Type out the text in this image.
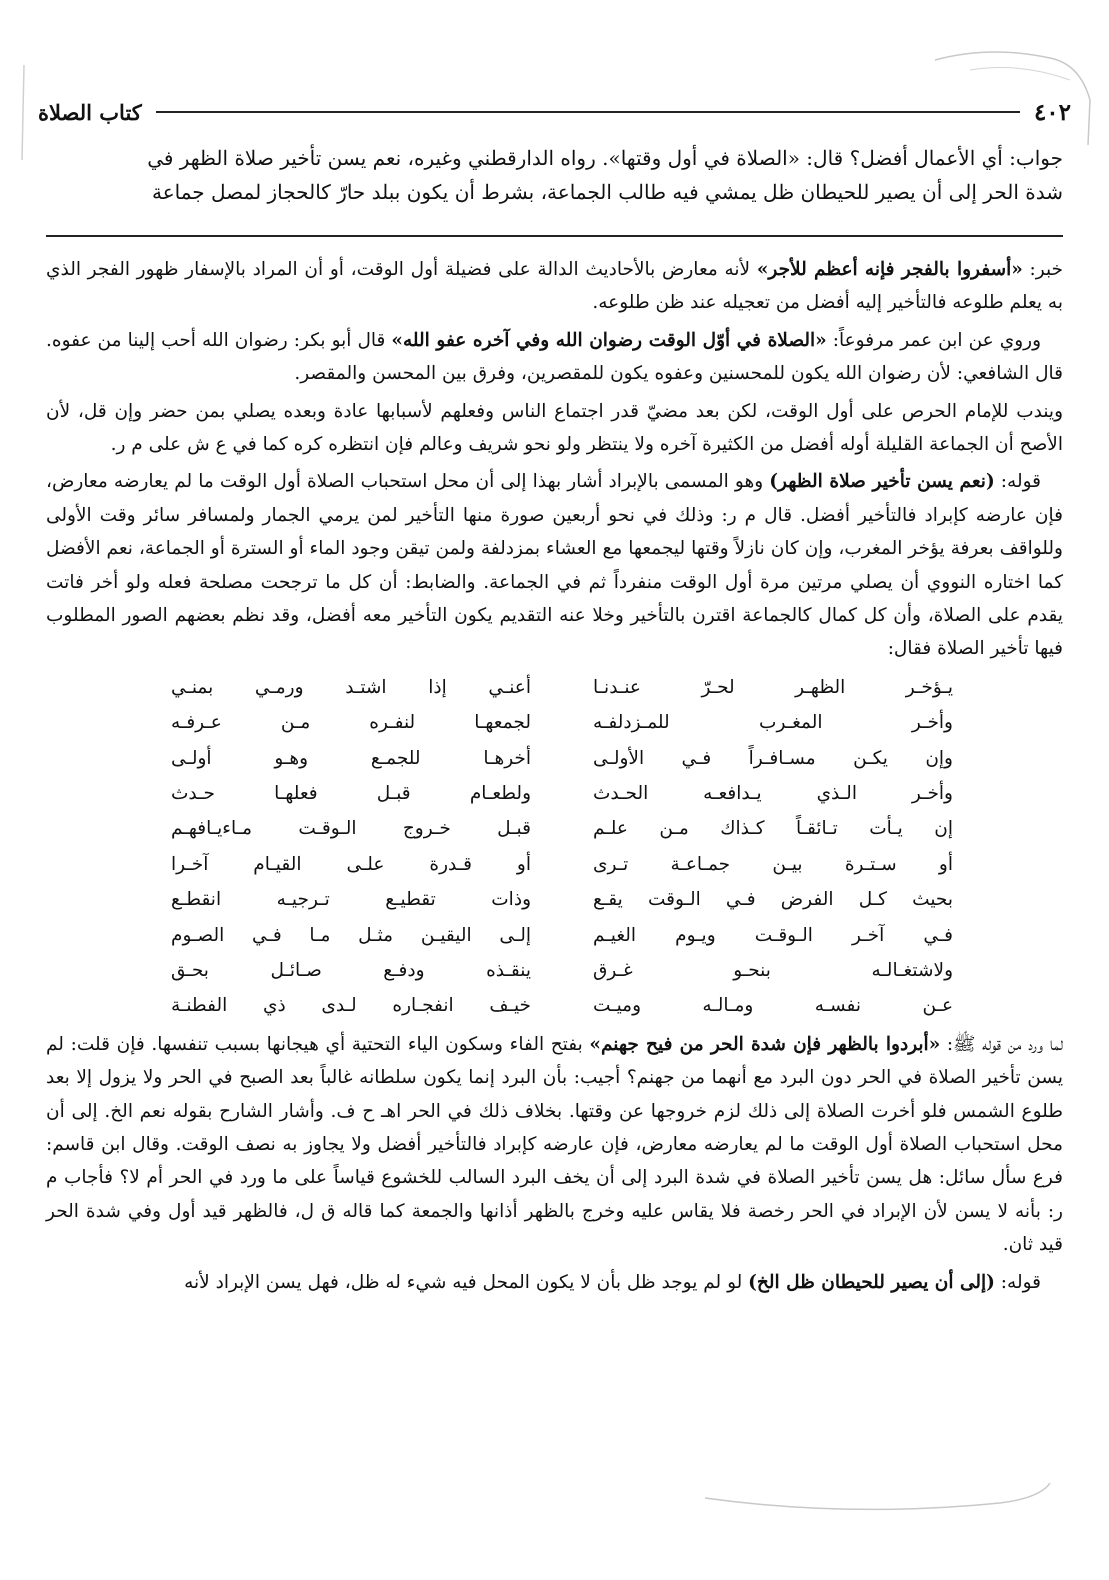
٤٠٢
كتاب الصلاة

جواب: أي الأعمال أفضل؟ قال: «الصلاة في أول وقتها». رواه الدارقطني وغيره، نعم يسن تأخير صلاة الظهر في

شدة الحر إلى أن يصير للحيطان ظل يمشي فيه طالب الجماعة، بشرط أن يكون ببلد حارّ كالحجاز لمصل جماعة

خبر: «أسفروا بالفجر فإنه أعظم للأجر» لأنه معارض بالأحاديث الدالة على فضيلة أول الوقت، أو أن المراد بالإسفار ظهور الفجر الذي به يعلم طلوعه فالتأخير إليه أفضل من تعجيله عند ظن طلوعه.

وروي عن ابن عمر مرفوعاً: «الصلاة في أوّل الوقت رضوان الله وفي آخره عفو الله» قال أبو بكر: رضوان الله أحب إلينا من عفوه. قال الشافعي: لأن رضوان الله يكون للمحسنين وعفوه يكون للمقصرين، وفرق بين المحسن والمقصر.

ويندب للإمام الحرص على أول الوقت، لكن بعد مضيّ قدر اجتماع الناس وفعلهم لأسبابها عادة وبعده يصلي بمن حضر وإن قل، لأن الأصح أن الجماعة القليلة أوله أفضل من الكثيرة آخره ولا ينتظر ولو نحو شريف وعالم فإن انتظره كره كما في ع ش على م ر.

قوله: (نعم يسن تأخير صلاة الظهر) وهو المسمى بالإبراد أشار بهذا إلى أن محل استحباب الصلاة أول الوقت ما لم يعارضه معارض، فإن عارضه كإبراد فالتأخير أفضل. قال م ر: وذلك في نحو أربعين صورة منها التأخير لمن يرمي الجمار ولمسافر سائر وقت الأولى وللواقف بعرفة يؤخر المغرب، وإن كان نازلاً وقتها ليجمعها مع العشاء بمزدلفة ولمن تيقن وجود الماء أو السترة أو الجماعة، نعم الأفضل كما اختاره النووي أن يصلي مرتين مرة أول الوقت منفرداً ثم في الجماعة. والضابط: أن كل ما ترجحت مصلحة فعله ولو أخر فاتت يقدم على الصلاة، وأن كل كمال كالجماعة اقترن بالتأخير وخلا عنه التقديم يكون التأخير معه أفضل، وقد نظم بعضهم الصور المطلوب فيها تأخير الصلاة فقال:

يـؤخـر الظهـر لحـرّ عنـدنـا
أعنـي إذا اشتـد ورمـي بمنـي
وأخـر المغـرب للمـزدلفـه
لجمعهـا لنفـره مـن عـرفـه
وإن يكـن مسـافـراً فـي الأولـى
أخرهـا للجمـع وهـو أولـى
وأخـر الـذي يـدافعـه الحـدث
ولطعـام قبـل فعلهـا حـدث
إن يـأت تـائقـاً كـذاك مـن علـم
قبـل خـروج الـوقـت مـاءيـافهـم
أو سـتـرة بيـن جمـاعـة تـرى
أو قـدرة علـى القيـام آخـرا
بحيث كـل الفرض فـي الـوقت يقـع
وذات تقطيـع تـرجيـه انقطـع
فـي آخـر الـوقـت ويـوم الغيـم
إلـى اليقيـن مثـل مـا فـي الصـوم
ولاشتغـالـه بنحـو غـرق
ينقـذه ودفـع صـائـل بحـق
عـن نفسـه ومـالـه وميـت
خيـف انفجـاره لـدى ذي الفطنـة

لما ورد من قوله ﷺ: «أبردوا بالظهر فإن شدة الحر من فيح جهنم» بفتح الفاء وسكون الياء التحتية أي هيجانها بسبب تنفسها. فإن قلت: لم يسن تأخير الصلاة في الحر دون البرد مع أنهما من جهنم؟ أجيب: بأن البرد إنما يكون سلطانه غالباً بعد الصبح في الحر ولا يزول إلا بعد طلوع الشمس فلو أخرت الصلاة إلى ذلك لزم خروجها عن وقتها. بخلاف ذلك في الحر اهـ ح ف. وأشار الشارح بقوله نعم الخ. إلى أن محل استحباب الصلاة أول الوقت ما لم يعارضه معارض، فإن عارضه كإبراد فالتأخير أفضل ولا يجاوز به نصف الوقت. وقال ابن قاسم: فرع سأل سائل: هل يسن تأخير الصلاة في شدة البرد إلى أن يخف البرد السالب للخشوع قياساً على ما ورد في الحر أم لا؟ فأجاب م ر: بأنه لا يسن لأن الإبراد في الحر رخصة فلا يقاس عليه وخرج بالظهر أذانها والجمعة كما قاله ق ل، فالظهر قيد أول وفي شدة الحر قيد ثان.

قوله: (إلى أن يصير للحيطان ظل الخ) لو لم يوجد ظل بأن لا يكون المحل فيه شيء له ظل، فهل يسن الإبراد لأنه
